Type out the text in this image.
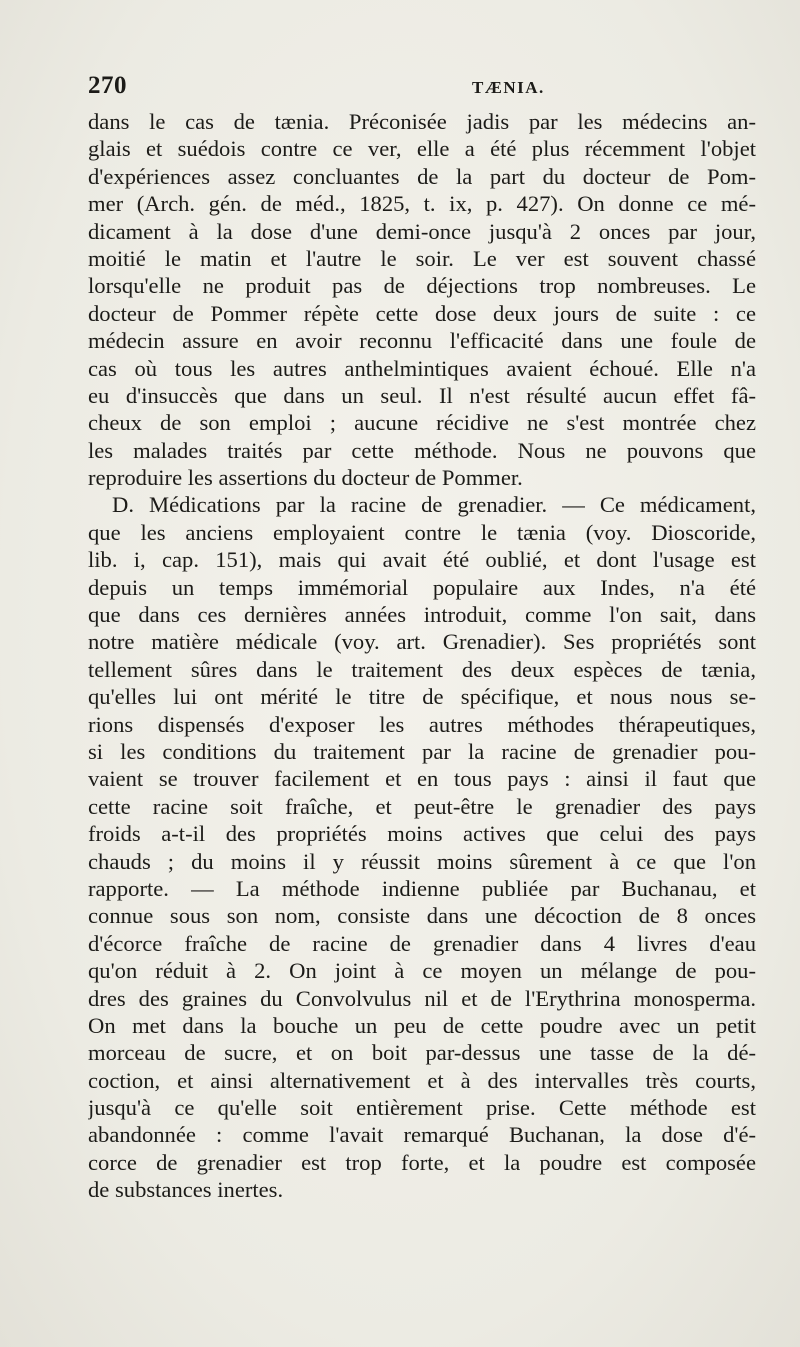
270	TÆNIA.
dans le cas de tænia. Préconisée jadis par les médecins an-
glais et suédois contre ce ver, elle a été plus récemment l'objet
d'expériences assez concluantes de la part du docteur de Pom-
mer (Arch. gén. de méd., 1825, t. ix, p. 427). On donne ce mé-
dicament à la dose d'une demi-once jusqu'à 2 onces par jour,
moitié le matin et l'autre le soir. Le ver est souvent chassé
lorsqu'elle ne produit pas de déjections trop nombreuses. Le
docteur de Pommer répète cette dose deux jours de suite : ce
médecin assure en avoir reconnu l'efficacité dans une foule de
cas où tous les autres anthelmintiques avaient échoué. Elle n'a
eu d'insuccès que dans un seul. Il n'est résulté aucun effet fâ-
cheux de son emploi ; aucune récidive ne s'est montrée chez
les malades traités par cette méthode. Nous ne pouvons que
reproduire les assertions du docteur de Pommer.
D. Médications par la racine de grenadier. — Ce médicament,
que les anciens employaient contre le tænia (voy. Dioscoride,
lib. i, cap. 151), mais qui avait été oublié, et dont l'usage est
depuis un temps immémorial populaire aux Indes, n'a été
que dans ces dernières années introduit, comme l'on sait, dans
notre matière médicale (voy. art. Grenadier). Ses propriétés sont
tellement sûres dans le traitement des deux espèces de tænia,
qu'elles lui ont mérité le titre de spécifique, et nous nous se-
rions dispensés d'exposer les autres méthodes thérapeutiques,
si les conditions du traitement par la racine de grenadier pou-
vaient se trouver facilement et en tous pays : ainsi il faut que
cette racine soit fraîche, et peut-être le grenadier des pays
froids a-t-il des propriétés moins actives que celui des pays
chauds ; du moins il y réussit moins sûrement à ce que l'on
rapporte. — La méthode indienne publiée par Buchanau, et
connue sous son nom, consiste dans une décoction de 8 onces
d'écorce fraîche de racine de grenadier dans 4 livres d'eau
qu'on réduit à 2. On joint à ce moyen un mélange de pou-
dres des graines du Convolvulus nil et de l'Erythrina monosperma.
On met dans la bouche un peu de cette poudre avec un petit
morceau de sucre, et on boit par-dessus une tasse de la dé-
coction, et ainsi alternativement et à des intervalles très courts,
jusqu'à ce qu'elle soit entièrement prise. Cette méthode est
abandonnée : comme l'avait remarqué Buchanan, la dose d'é-
corce de grenadier est trop forte, et la poudre est composée
de substances inertes.
